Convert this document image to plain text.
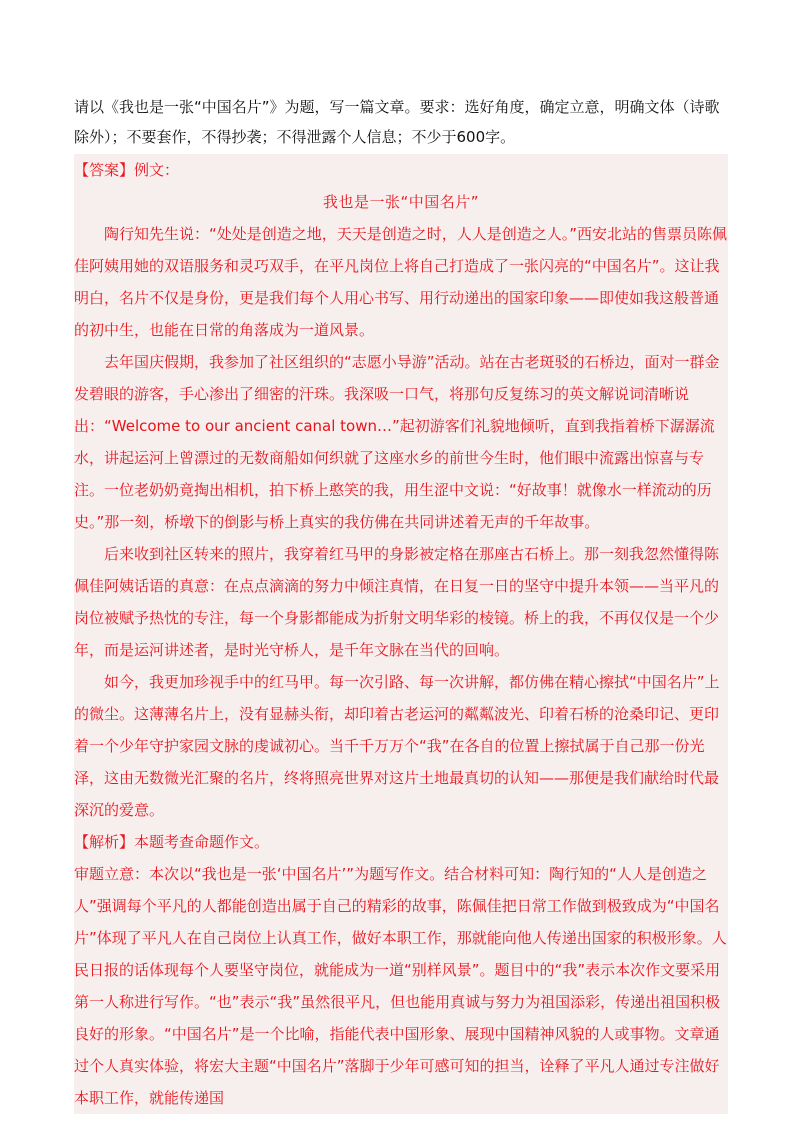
请以《我也是一张“中国名片”》为题，写一篇文章。要求：选好角度，确定立意，明确文体（诗歌除外）；不要套作，不得抄袭；不得泄露个人信息；不少于600字。

【答案】例文：

我也是一张“中国名片”

陶行知先生说：“处处是创造之地，天天是创造之时，人人是创造之人。”西安北站的售票员陈佩佳阿姨用她的双语服务和灵巧双手，在平凡岗位上将自己打造成了一张闪亮的“中国名片”。这让我明白，名片不仅是身份，更是我们每个人用心书写、用行动递出的国家印象——即使如我这般普通的初中生，也能在日常的角落成为一道风景。

去年国庆假期，我参加了社区组织的“志愿小导游”活动。站在古老斑驳的石桥边，面对一群金发碧眼的游客，手心渗出了细密的汗珠。我深吸一口气，将那句反复练习的英文解说词清晰说出：“Welcome to our ancient canal town…”起初游客们礼貌地倾听，直到我指着桥下潺潺流水，讲起运河上曾漂过的无数商船如何织就了这座水乡的前世今生时，他们眼中流露出惊喜与专注。一位老奶奶竟掏出相机，拍下桥上憨笑的我，用生涩中文说：“好故事！就像水一样流动的历史。”那一刻，桥墩下的倒影与桥上真实的我仿佛在共同讲述着无声的千年故事。

后来收到社区转来的照片，我穿着红马甲的身影被定格在那座古石桥上。那一刻我忽然懂得陈佩佳阿姨话语的真意：在点点滴滴的努力中倾注真情，在日复一日的坚守中提升本领——当平凡的岗位被赋予热忱的专注，每一个身影都能成为折射文明华彩的棱镜。桥上的我，不再仅仅是一个少年，而是运河讲述者，是时光守桥人，是千年文脉在当代的回响。

如今，我更加珍视手中的红马甲。每一次引路、每一次讲解，都仿佛在精心擦拭“中国名片”上的微尘。这薄薄名片上，没有显赫头衔，却印着古老运河的粼粼波光、印着石桥的沧桑印记、更印着一个少年守护家园文脉的虔诚初心。当千千万万个“我”在各自的位置上擦拭属于自己那一份光泽，这由无数微光汇聚的名片，终将照亮世界对这片土地最真切的认知——那便是我们献给时代最深沉的爱意。

【解析】本题考查命题作文。

审题立意：本次以“我也是一张‘中国名片’”为题写作文。结合材料可知：陶行知的“人人是创造之人”强调每个平凡的人都能创造出属于自己的精彩的故事，陈佩佳把日常工作做到极致成为“中国名片”体现了平凡人在自己岗位上认真工作，做好本职工作，那就能向他人传递出国家的积极形象。人民日报的话体现每个人要坚守岗位，就能成为一道“别样风景”。题目中的“我”表示本次作文要采用第一人称进行写作。“也”表示“我”虽然很平凡，但也能用真诚与努力为祖国添彩，传递出祖国积极良好的形象。“中国名片”是一个比喻，指能代表中国形象、展现中国精神风貌的人或事物。文章通过个人真实体验，将宏大主题“中国名片”落脚于少年可感可知的担当，诠释了平凡人通过专注做好本职工作，就能传递国
